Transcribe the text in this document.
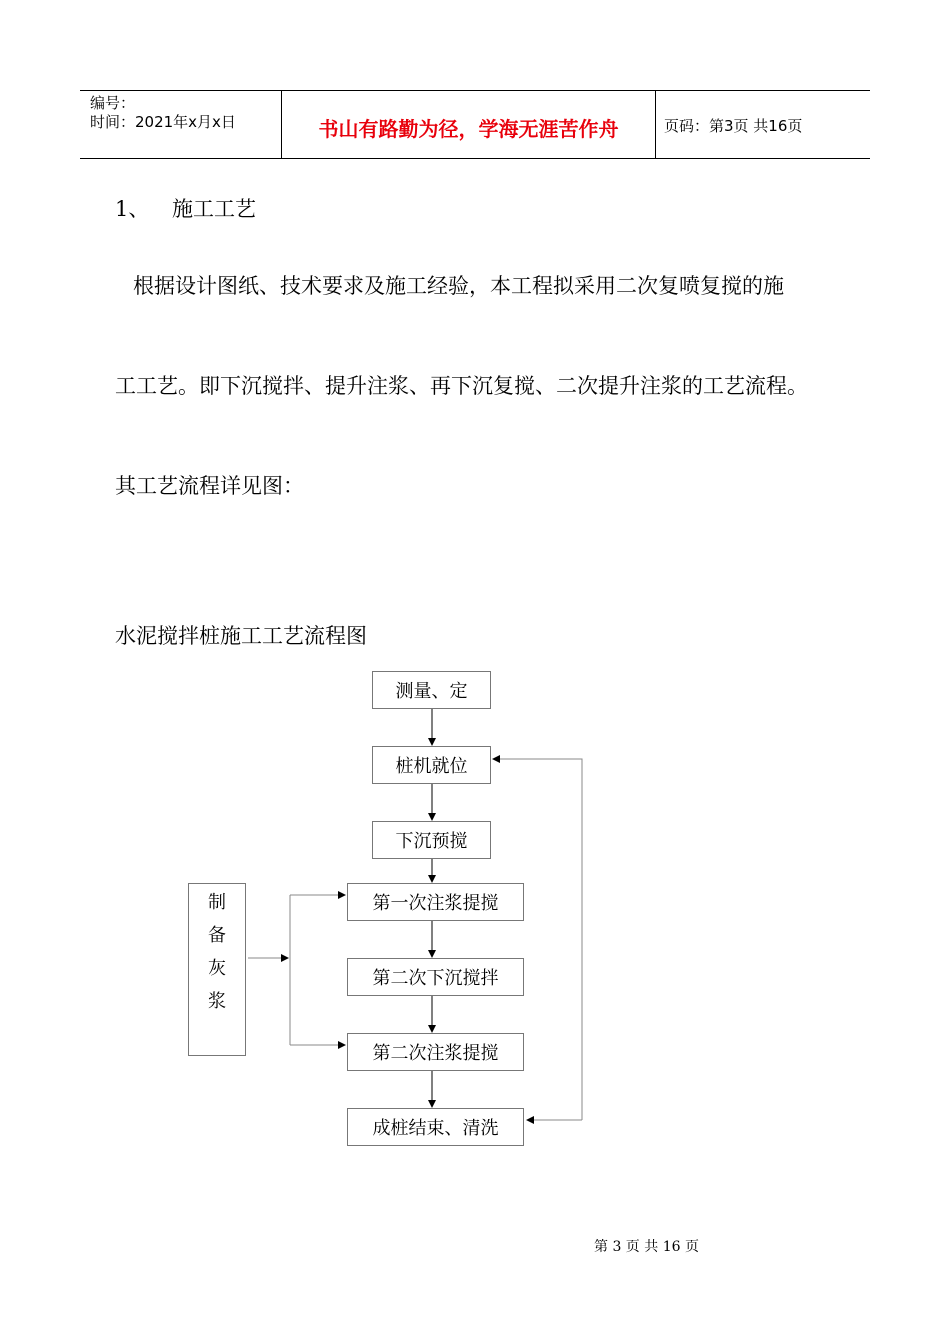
编号：
时间：2021年x月x日	书山有路勤为径，学海无涯苦作舟	页码：第3页 共16页
1、 施工工艺
根据设计图纸、技术要求及施工经验，本工程拟采用二次复喷复搅的施
工工艺。即下沉搅拌、提升注浆、再下沉复搅、二次提升注浆的工艺流程。
其工艺流程详见图：
水泥搅拌桩施工工艺流程图
测量、定
桩机就位
下沉预搅
第一次注浆提搅
第二次下沉搅拌
第二次注浆提搅
成桩结束、清洗
制
备
灰
浆
第 3 页 共 16 页
